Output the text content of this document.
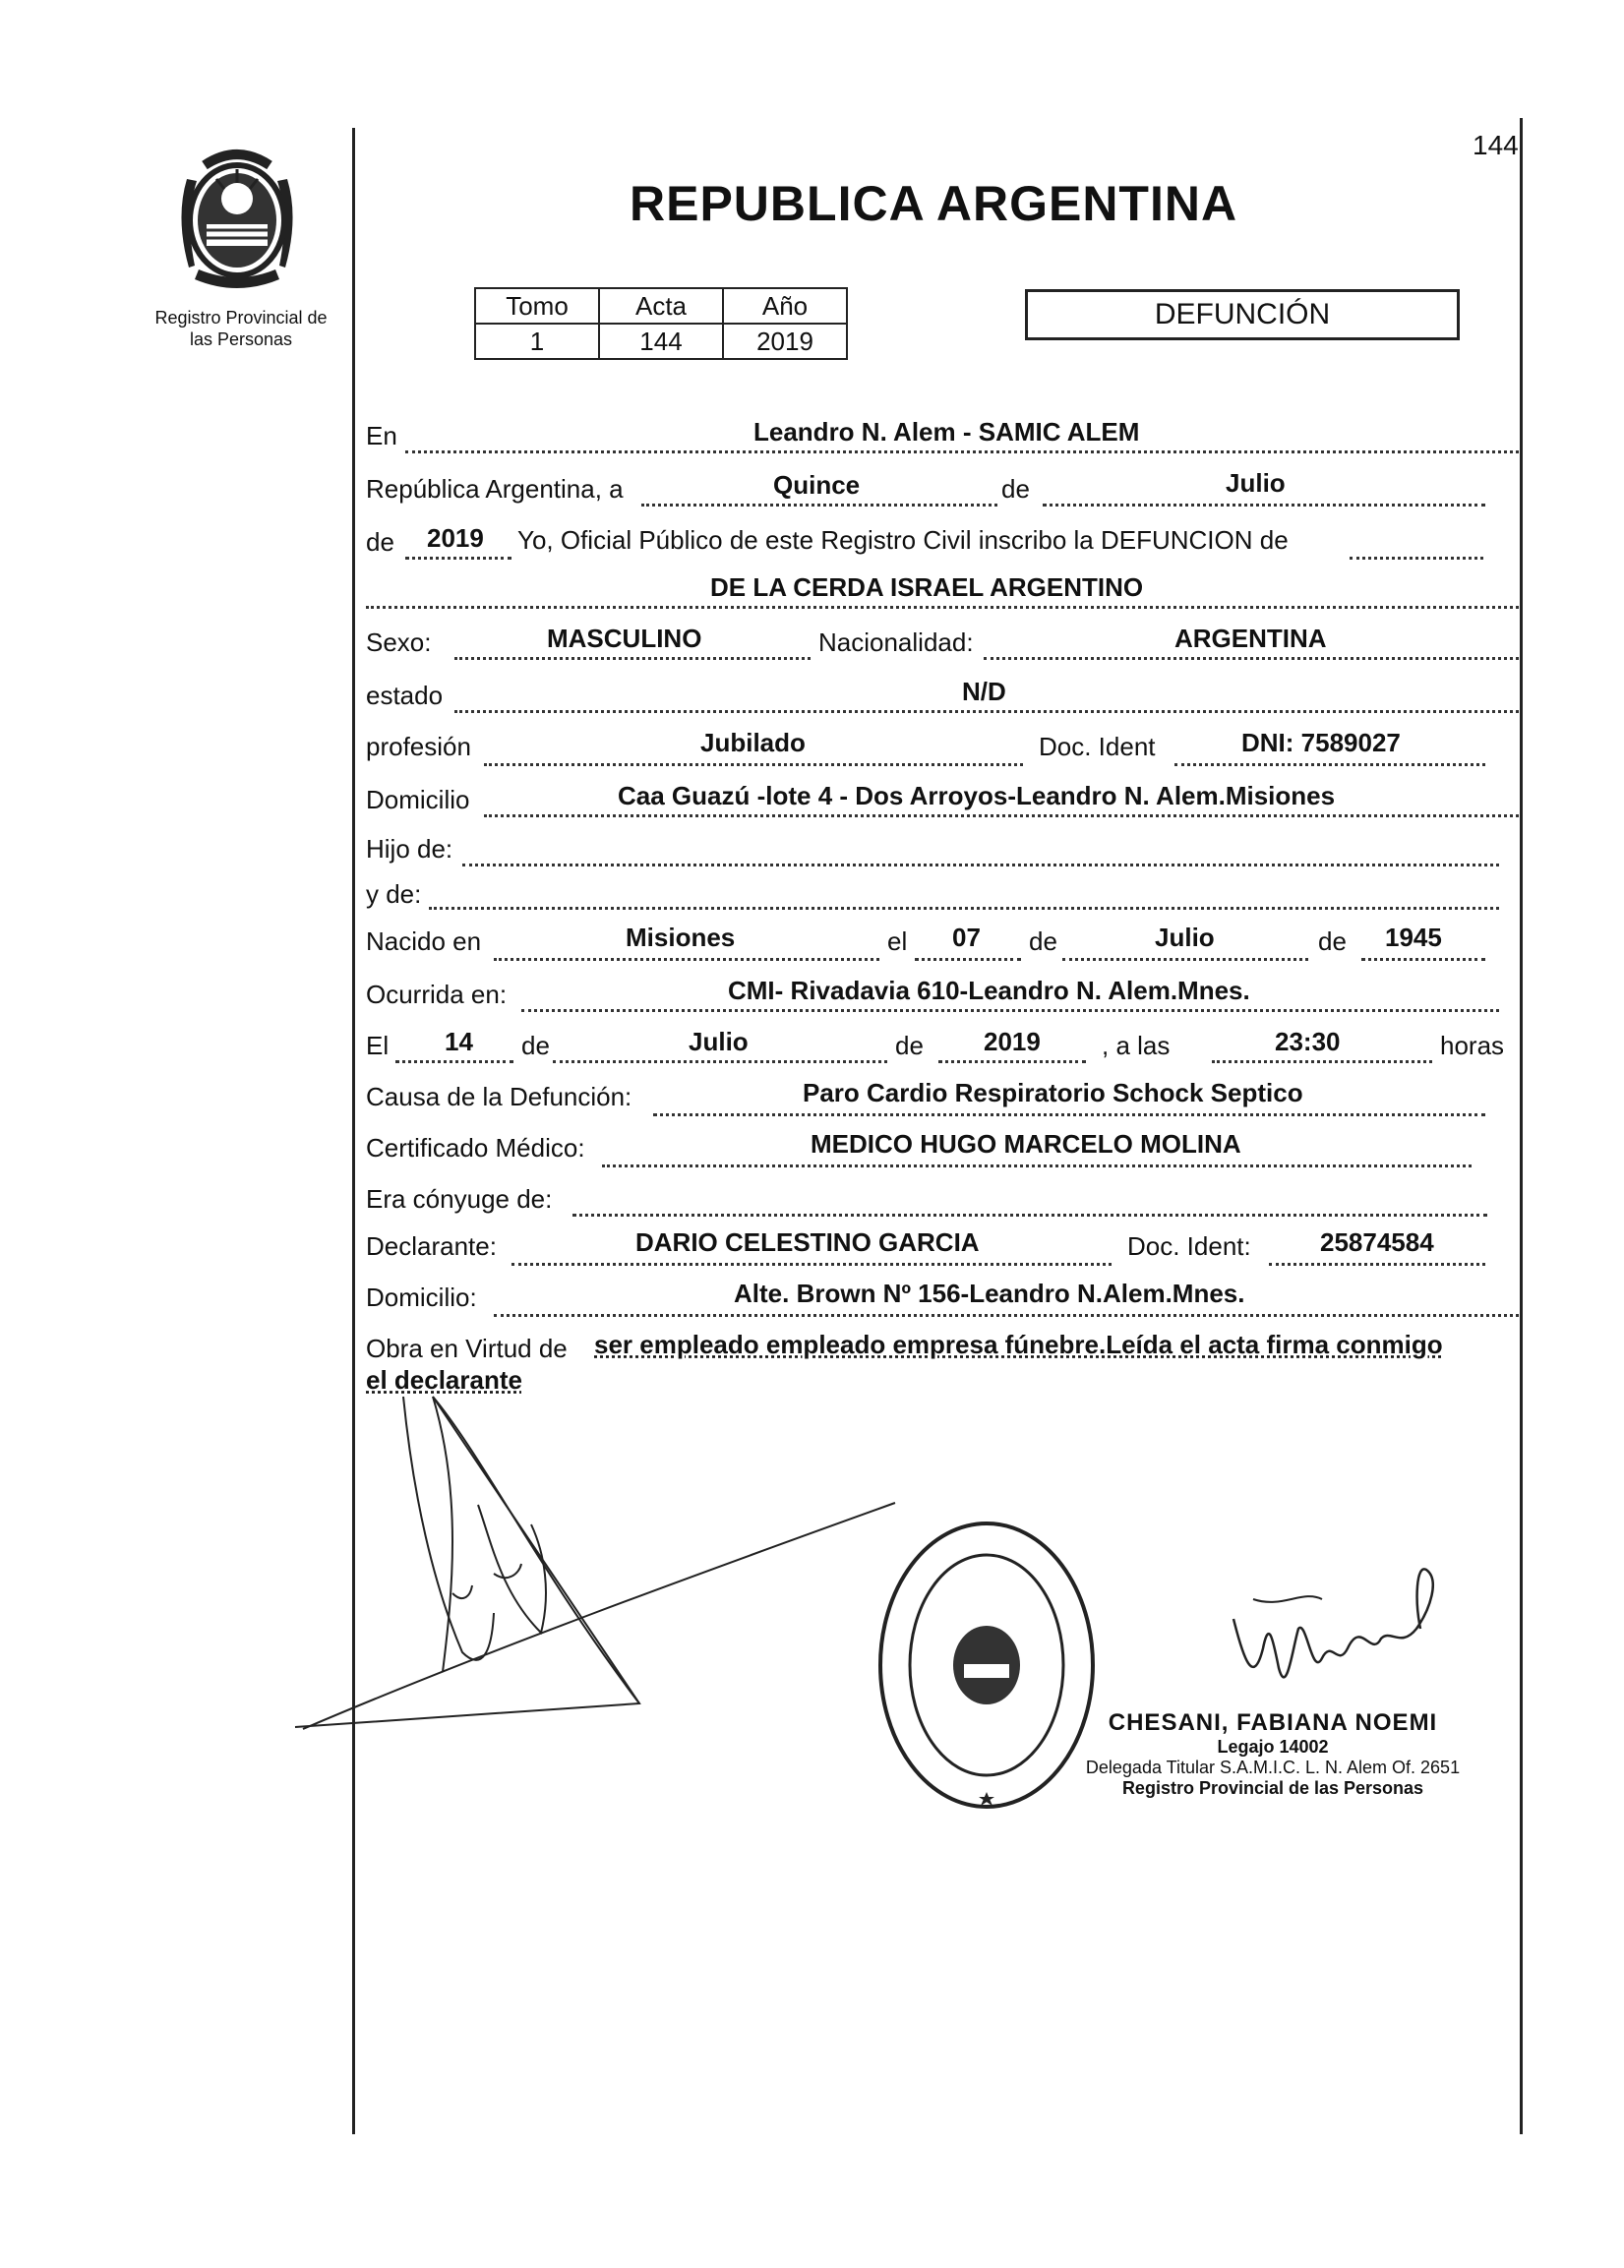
144
REPUBLICA ARGENTINA
Registro Provincial de
las Personas
Tomo	Acta	Año
1	144	2019
DEFUNCIÓN
En	Leandro N. Alem - SAMIC ALEM
República Argentina, a	Quince	de	Julio
de 2019 Yo, Oficial Público de este Registro Civil inscribo la DEFUNCION de
DE LA CERDA ISRAEL ARGENTINO
Sexo:	MASCULINO	Nacionalidad:	ARGENTINA
estado	N/D
profesión	Jubilado	Doc. Ident	DNI: 7589027
Domicilio	Caa Guazú -lote 4 - Dos Arroyos-Leandro N. Alem.Misiones
Hijo de:
y de:
Nacido en	Misiones	el 07 de	Julio	de 1945
Ocurrida en:	CMI- Rivadavia 610-Leandro N. Alem.Mnes.
El 14 de	Julio	de 2019 , a las	23:30	horas
Causa de la Defunción:	Paro Cardio Respiratorio Schock Septico
Certificado Médico:	MEDICO HUGO MARCELO MOLINA
Era cónyuge de:
Declarante:	DARIO CELESTINO GARCIA	Doc. Ident:	25874584
Domicilio:	Alte. Brown Nº 156-Leandro N.Alem.Mnes.
Obra en Virtud de ser empleado empleado empresa fúnebre.Leída el acta firma conmigo
el declarante
CHESANI, FABIANA NOEMI
Legajo 14002
Delegada Titular S.A.M.I.C. L. N. Alem Of. 2651
Registro Provincial de las Personas
